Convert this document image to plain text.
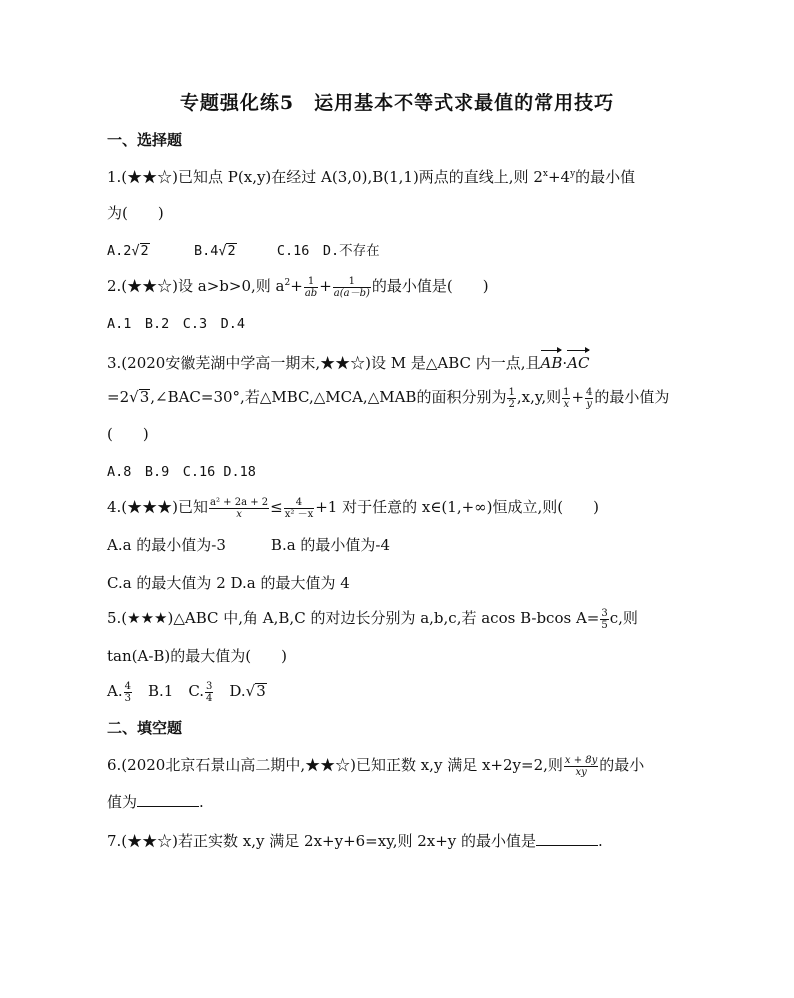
专题强化练5　运用基本不等式求最值的常用技巧
一、选择题
1.(★★☆)已知点 P(x,y)在经过 A(3,0),B(1,1)两点的直线上,则 $2^x+4^y$的最小值
为(　　)
A.2√2	B.4√2	C.16　D.不存在
2.(★★☆)设 a>b>0,则 $a^2+ \frac{1}{ab} + \frac{1}{a(a-b)}$ 的最小值是(　　)
A.1　B.2　C.3　D.4
3.(2020安徽芜湖中学高一期末,★★☆)设 M 是△ABC 内一点,且AB·AC
=2√3,∠BAC=30°,若△MBC,△MCA,△MAB的面积分别为 $\frac{1}{2} ,x,y$,则 $\frac{1}{x} + \frac{4}{y}$ 的最小值为
(　　)
A.8　B.9　C.16 D.18
4.(★★★)已知 $\frac{\text{a² + 2a + 2}}{x} \le \frac{4}{\text{x² －x}} +1$ 对于任意的 x∈(1,+∞)恒成立,则(　　)
A.a 的最小值为-3　　　B.a 的最小值为-4
C.a 的最大值为 2 D.a 的最大值为 4
5.(★★★)△ABC 中,角 A,B,C 的对边长分别为 a,b,c,若 acos B-bcos $A= \frac{3}{5} c$,则
tan(A-B)的最大值为(　　)
A. $\frac{4}{3}$ 　B.1　C. $\frac{3}{4}$ 　D.√3
二、填空题
6.(2020北京石景山高二期中,★★☆)已知正数 x,y 满足 x+2y=2,则 $\frac{x + 8y}{xy}$ 的最小
值为	.
7.(★★☆)若正实数 x,y 满足 2x+y+6=xy,则 2x+y 的最小值是	.
